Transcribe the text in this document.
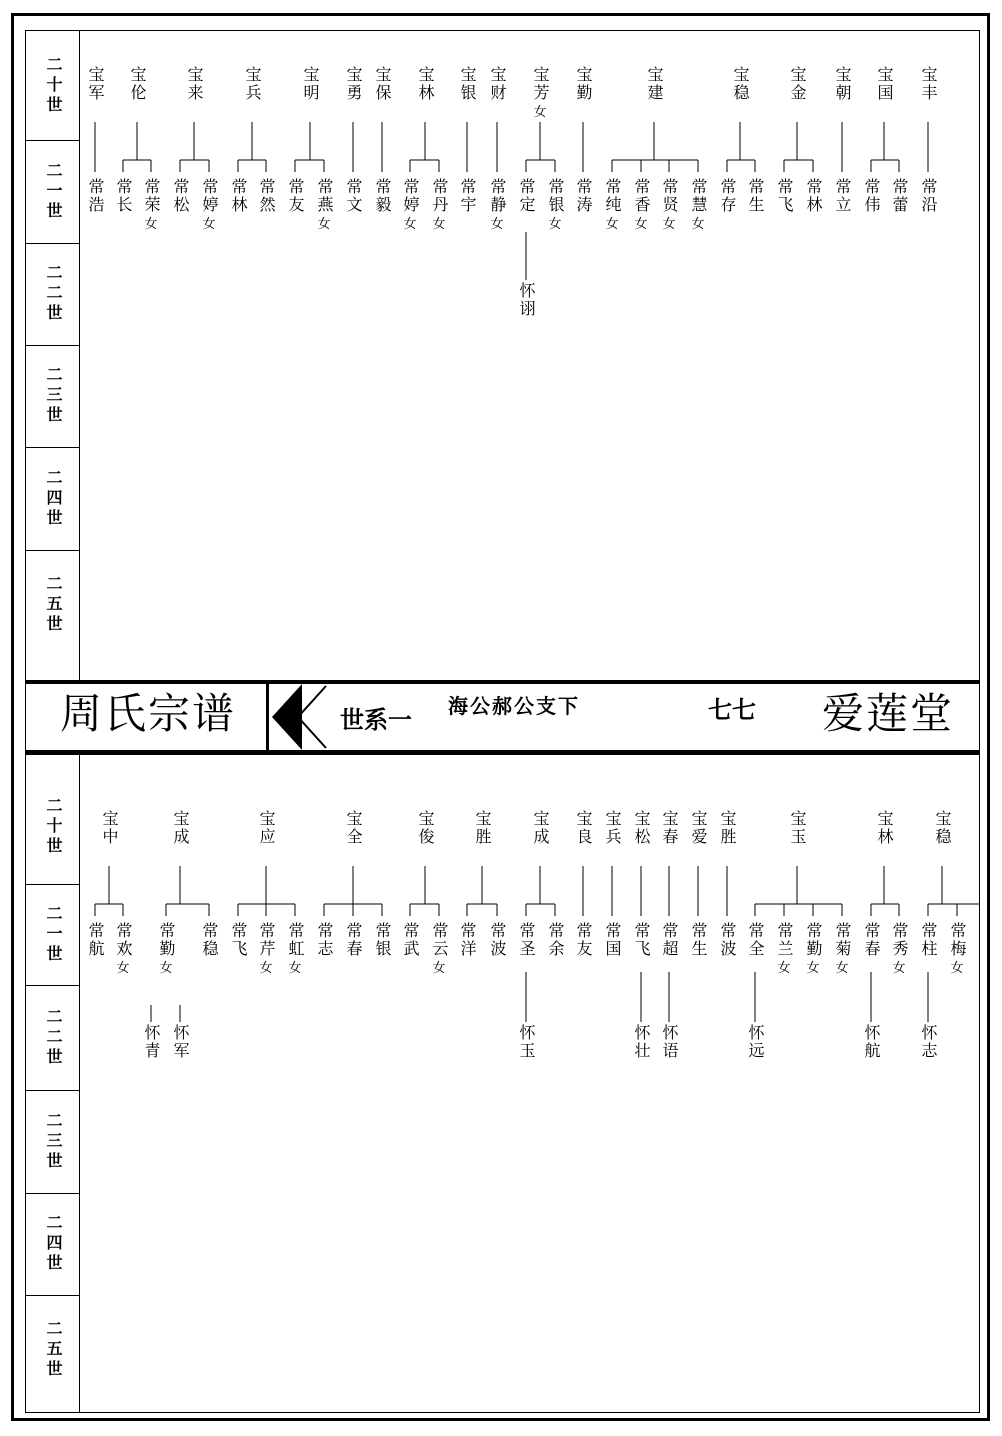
周氏宗谱	世系一 海公郝公支下	七七 爱莲堂
二十世
二一世
二二世
二三世
二四世
二五世
二十世
二一世
二二世
二三世
二四世
二五世
宝军 宝伦 宝来 宝兵 宝明 宝勇 宝保 宝林 宝银 宝财 宝芳
女
宝勤	宝建	宝稳 宝金 宝朝 宝国 宝丰
常浩 常长 常荣
女
常松 常婷
女
常林 常然 常友 常燕
女
常文 常毅 常婷
女
常丹
女
常宇 常静
女
常定 常银
女
常涛 常纯
女
常香
女
常贤
女
常慧
女
常存 常生 常飞 常林 常立 常伟 常蕾 常沿
怀诩
宝中	宝成	宝应	宝全	宝俊 宝胜 宝成 宝良 宝兵 宝松 宝春 宝爱 宝胜	宝玉	宝林 宝稳
常航 常欢
女
常勤
女
常稳 常飞 常芹
女
常虹
女
常志 常春 常银 常武 常云
女
常洋 常波 常圣 常余 常友 常国 常飞 常超 常生 常波 常全 常兰
女
常勤
女
常菊
女
常春 常秀
女
常柱 常梅
女
怀青 怀军	怀玉	怀壮 怀语	怀远	怀航 怀志
